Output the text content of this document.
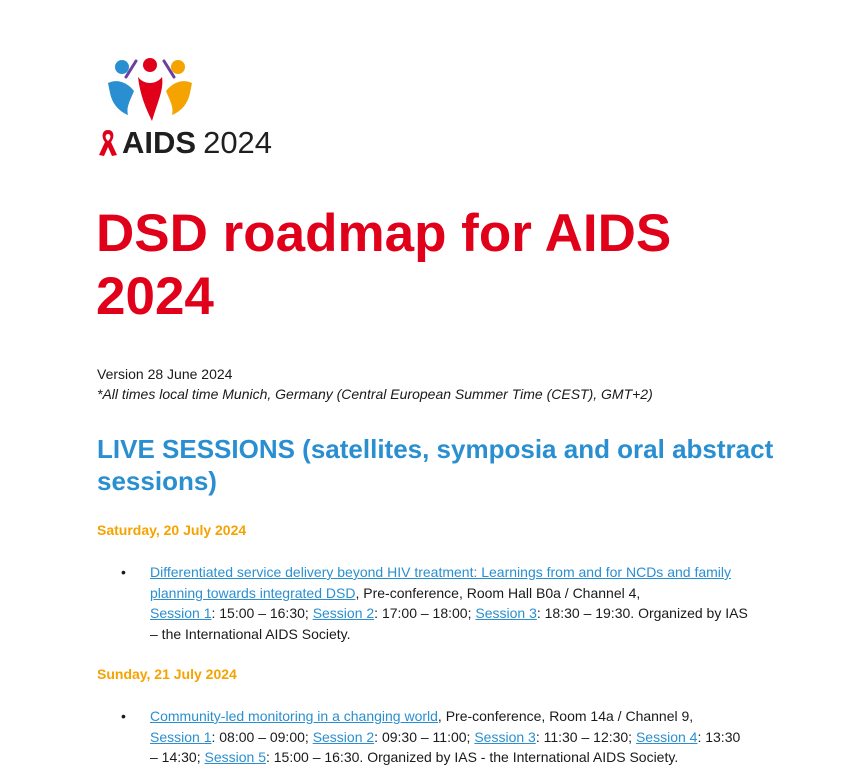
AIDS 2024
DSD roadmap for AIDS 2024

Version 28 June 2024

*All times local time Munich, Germany (Central European Summer Time (CEST), GMT+2)

LIVE SESSIONS (satellites, symposia and oral abstract sessions)
Saturday, 20 July 2024
• Differentiated service delivery beyond HIV treatment: Learnings from and for NCDs and family planning towards integrated DSD, Pre-conference, Room Hall B0a / Channel 4,
Session 1: 15:00 – 16:30; Session 2: 17:00 – 18:00; Session 3: 18:30 – 19:30. Organized by IAS – the International AIDS Society.

Sunday, 21 July 2024
• Community-led monitoring in a changing world, Pre-conference, Room 14a / Channel 9,
Session 1: 08:00 – 09:00; Session 2: 09:30 – 11:00; Session 3: 11:30 – 12:30; Session 4: 13:30 – 14:30; Session 5: 15:00 – 16:30. Organized by IAS - the International AIDS Society.
